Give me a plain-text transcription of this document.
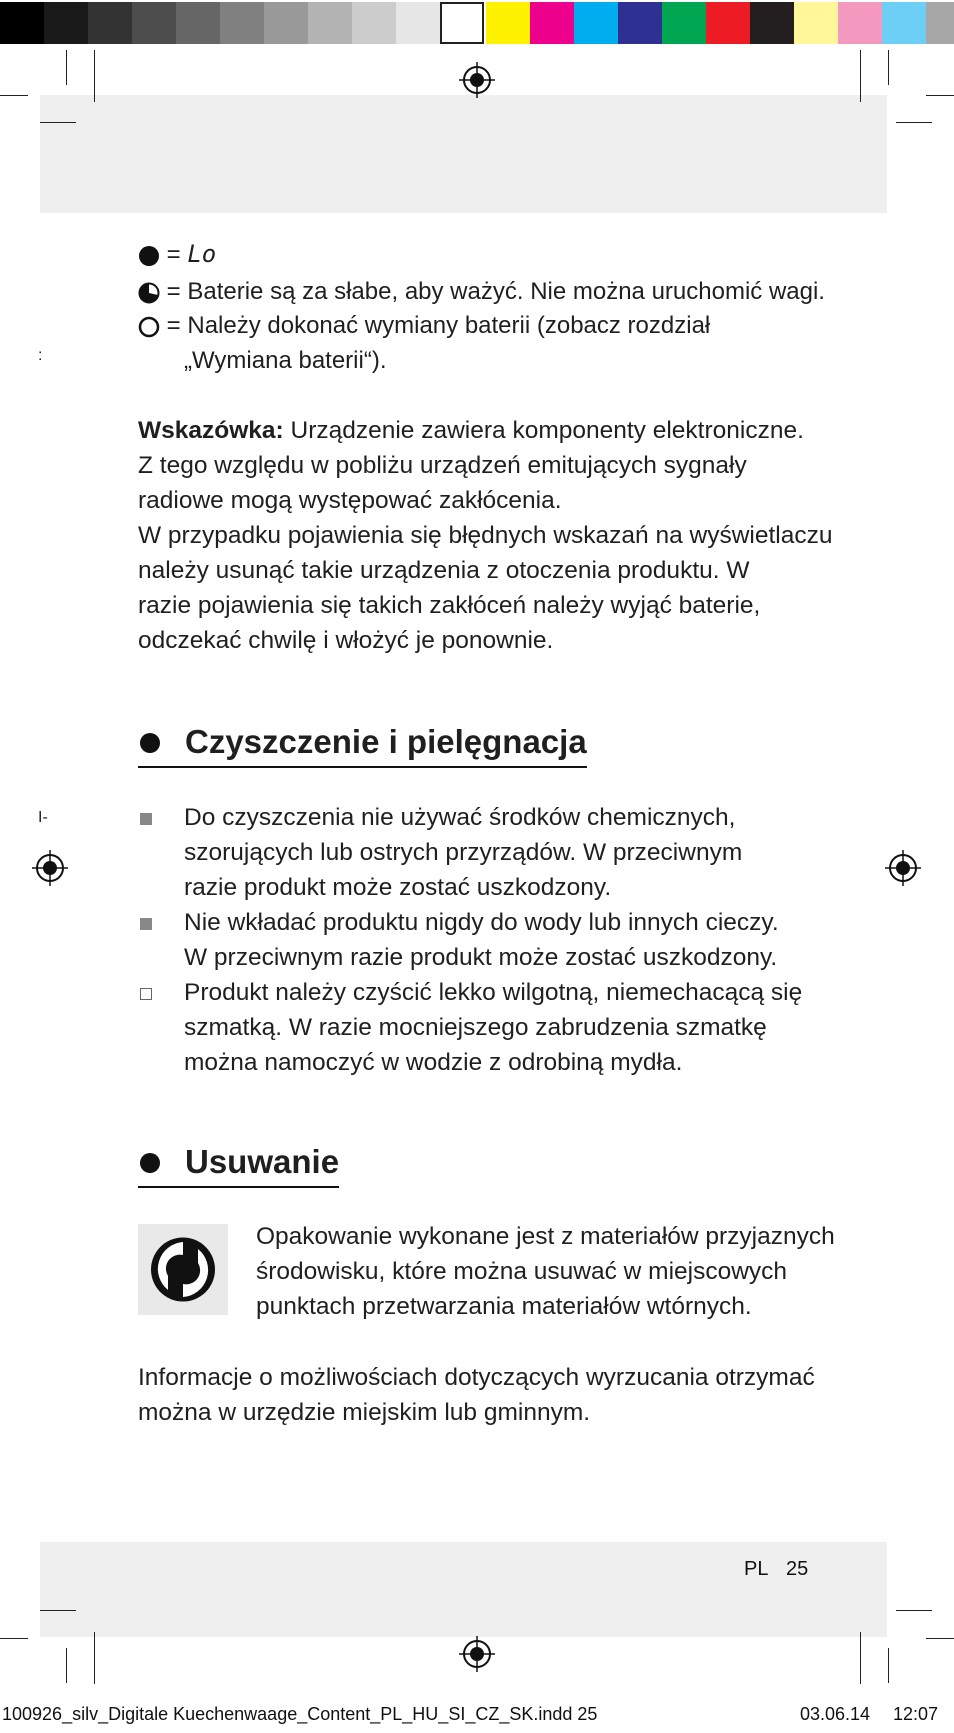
:
I-
= Lo
= Baterie są za słabe, aby ważyć. Nie można uruchomić wagi.
= Należy dokonać wymiany baterii (zobacz rozdział
„Wymiana baterii“).
Wskazówka: Urządzenie zawiera komponenty elektroniczne.
Z tego względu w pobliżu urządzeń emitujących sygnały
radiowe mogą występować zakłócenia.
W przypadku pojawienia się błędnych wskazań na wyświetlaczu
należy usunąć takie urządzenia z otoczenia produktu. W
razie pojawienia się takich zakłóceń należy wyjąć baterie,
odczekać chwilę i włożyć je ponownie.
Czyszczenie i pielęgnacja
Do czyszczenia nie używać środków chemicznych,
szorujących lub ostrych przyrządów. W przeciwnym
razie produkt może zostać uszkodzony.
Nie wkładać produktu nigdy do wody lub innych cieczy.
W przeciwnym razie produkt może zostać uszkodzony.
Produkt należy czyścić lekko wilgotną, niemechacącą się
szmatką. W razie mocniejszego zabrudzenia szmatkę
można namoczyć w wodzie z odrobiną mydła.
Usuwanie
Opakowanie wykonane jest z materiałów przyjaznych
środowisku, które można usuwać w miejscowych
punktach przetwarzania materiałów wtórnych.
Informacje o możliwościach dotyczących wyrzucania otrzymać
można w urzędzie miejskim lub gminnym.
PL 25
100926_silv_Digitale Kuechenwaage_Content_PL_HU_SI_CZ_SK.indd 25	03.06.14 12:07
